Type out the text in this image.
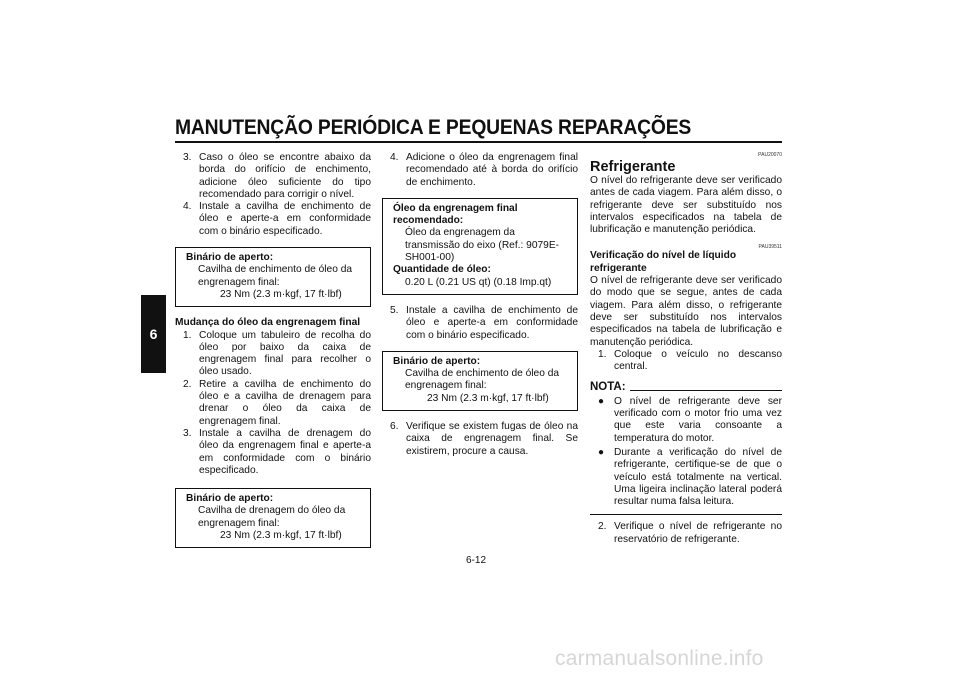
MANUTENÇÃO PERIÓDICA E PEQUENAS REPARAÇÕES
6
3. Caso o óleo se encontre abaixo da borda do orifício de enchimento, adicione óleo suficiente do tipo recomendado para corrigir o nível.
4. Instale a cavilha de enchimento de óleo e aperte-a em conformidade com o binário especificado.
Binário de aperto:
Cavilha de enchimento de óleo da engrenagem final:
23 Nm (2.3 m·kgf, 17 ft·lbf)
Mudança do óleo da engrenagem final
1. Coloque um tabuleiro de recolha do óleo por baixo da caixa de engrenagem final para recolher o óleo usado.
2. Retire a cavilha de enchimento do óleo e a cavilha de drenagem para drenar o óleo da caixa de engrenagem final.
3. Instale a cavilha de drenagem do óleo da engrenagem final e aperte-a em conformidade com o binário especificado.
Binário de aperto:
Cavilha de drenagem do óleo da engrenagem final:
23 Nm (2.3 m·kgf, 17 ft·lbf)
4. Adicione o óleo da engrenagem final recomendado até à borda do orifício de enchimento.
Óleo da engrenagem final recomendado:
Óleo da engrenagem da transmissão do eixo (Ref.: 9079E-SH001-00)
Quantidade de óleo:
0.20 L (0.21 US qt) (0.18 Imp.qt)
5. Instale a cavilha de enchimento de óleo e aperte-a em conformidade com o binário especificado.
Binário de aperto:
Cavilha de enchimento de óleo da engrenagem final:
23 Nm (2.3 m·kgf, 17 ft·lbf)
6. Verifique se existem fugas de óleo na caixa de engrenagem final. Se existirem, procure a causa.
PAU20070
Refrigerante
O nível do refrigerante deve ser verificado antes de cada viagem. Para além disso, o refrigerante deve ser substituído nos intervalos especificados na tabela de lubrificação e manutenção periódica.
PAU39511
Verificação do nível de líquido refrigerante
O nível de refrigerante deve ser verificado do modo que se segue, antes de cada viagem. Para além disso, o refrigerante deve ser substituído nos intervalos especificados na tabela de lubrificação e manutenção periódica.
1. Coloque o veículo no descanso central.
NOTA:
● O nível de refrigerante deve ser verificado com o motor frio uma vez que este varia consoante a temperatura do motor.
● Durante a verificação do nível de refrigerante, certifique-se de que o veículo está totalmente na vertical. Uma ligeira inclinação lateral poderá resultar numa falsa leitura.
2. Verifique o nível de refrigerante no reservatório de refrigerante.
6-12
carmanualsonline.info
